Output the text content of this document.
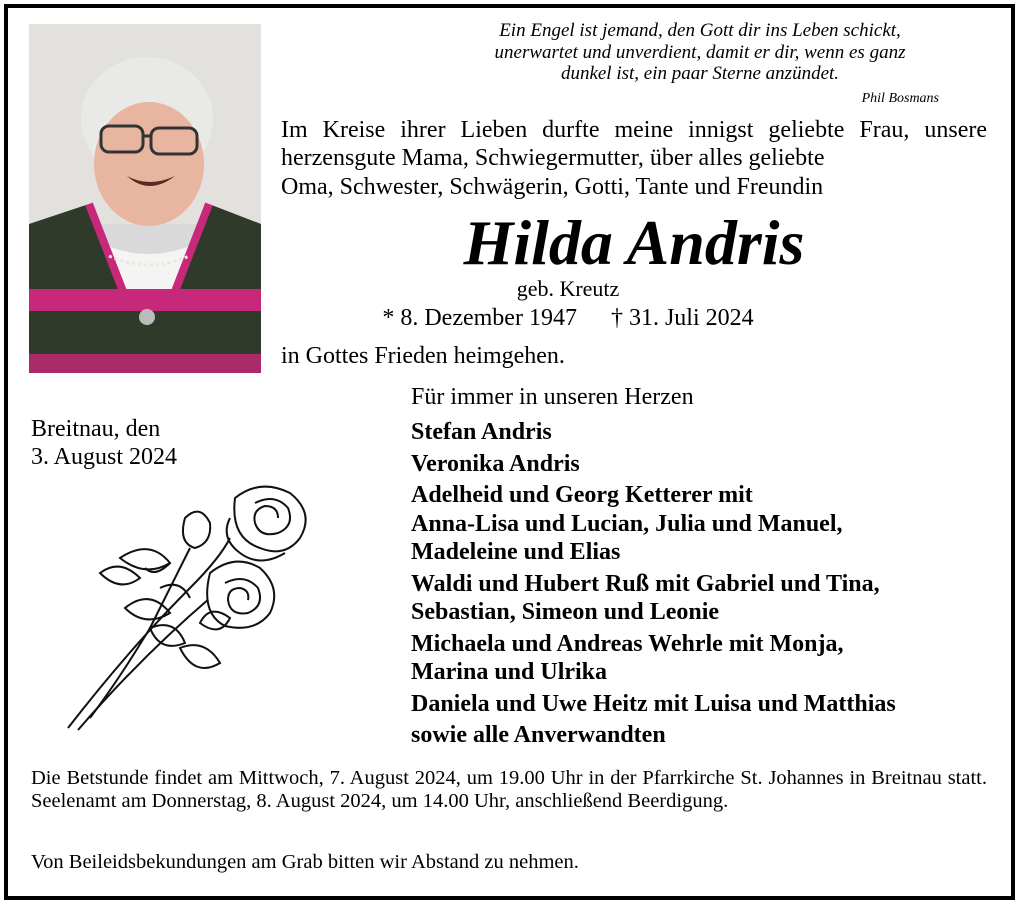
Ein Engel ist jemand, den Gott dir ins Leben schickt,
unerwartet und unverdient, damit er dir, wenn es ganz
dunkel ist, ein paar Sterne anzündet.
Phil Bosmans
Im Kreise ihrer Lieben durfte meine innigst geliebte Frau, unsere herzensgute Mama, Schwiegermutter, über alles geliebte
Oma, Schwester, Schwägerin, Gotti, Tante und Freundin
Hilda Andris
geb. Kreutz
* 8. Dezember 1947 † 31. Juli 2024
in Gottes Frieden heimgehen.
Für immer in unseren Herzen
Breitnau, den
3. August 2024
Stefan Andris
Veronika Andris
Adelheid und Georg Ketterer mit
Anna-Lisa und Lucian, Julia und Manuel,
Madeleine und Elias
Waldi und Hubert Ruß mit Gabriel und Tina,
Sebastian, Simeon und Leonie
Michaela und Andreas Wehrle mit Monja,
Marina und Ulrika
Daniela und Uwe Heitz mit Luisa und Matthias
sowie alle Anverwandten
Die Betstunde findet am Mittwoch, 7. August 2024, um 19.00 Uhr in der Pfarrkirche St. Johannes in Breitnau statt. Seelenamt am Donnerstag, 8. August 2024, um 14.00 Uhr, anschließend Beerdigung.
Von Beileidsbekundungen am Grab bitten wir Abstand zu nehmen.
